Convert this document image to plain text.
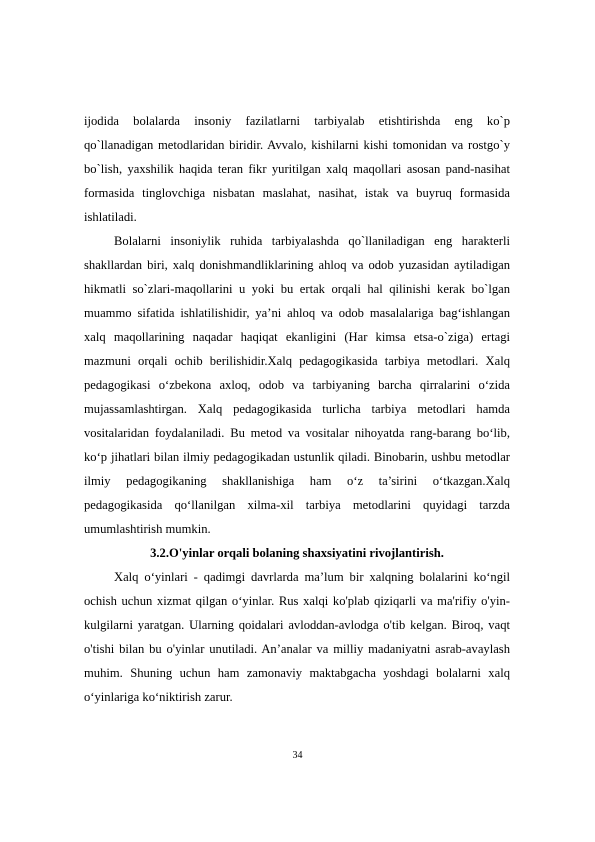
ijodida bolalarda insoniy fazilatlarni tarbiyalab etishtirishda eng ko`p
qo`llanadigan metodlaridan biridir. Avvalo, kishilarni kishi tomonidan va rostgo`y
bo`lish, yaxshilik haqida teran fikr yuritilgan xalq maqollari asosan pand-nasihat
formasida tinglovchiga nisbatan maslahat, nasihat, istak va buyruq formasida
ishlatiladi.
Bolalarni insoniylik ruhida tarbiyalashda qo`llaniladigan eng harakterli
shakllardan biri, xalq donishmandliklarining ahloq va odob yuzasidan aytiladigan
hikmatli so`zlari-maqollarini u yoki bu ertak orqali hal qilinishi kerak bo`lgan
muammo sifatida ishlatilishidir, ya’ni ahloq va odob masalalariga bag‘ishlangan
xalq maqollarining naqadar haqiqat ekanligini (Har kimsa etsa-o`ziga) ertagi
mazmuni orqali ochib berilishidir.Xalq pedagogikasida tarbiya metodlari. Xalq
pedagogikasi o‘zbekona axloq, odob va tarbiyaning barcha qirralarini o‘zida
mujassamlashtirgan. Xalq pedagogikasida turlicha tarbiya metodlari hamda
vositalaridan foydalaniladi. Bu metod va vositalar nihoyatda rang-barang bo‘lib,
ko‘p jihatlari bilan ilmiy pedagogikadan ustunlik qiladi. Binobarin, ushbu metodlar
ilmiy pedagogikaning shakllanishiga ham o‘z ta’sirini o‘tkazgan.Xalq
pedagogikasida qo‘llanilgan xilma-xil tarbiya metodlarini quyidagi tarzda
umumlashtirish mumkin.
3.2.O'yinlar orqali bolaning shaxsiyatini rivojlantirish.
Xalq o‘yinlari - qadimgi davrlarda ma’lum bir xalqning bolalarini ko‘ngil
ochish uchun xizmat qilgan o‘yinlar. Rus xalqi ko'plab qiziqarli va ma'rifiy o'yin-
kulgilarni yaratgan. Ularning qoidalari avloddan-avlodga o'tib kelgan. Biroq, vaqt
o'tishi bilan bu o'yinlar unutiladi. An’analar va milliy madaniyatni asrab-avaylash
muhim. Shuning uchun ham zamonaviy maktabgacha yoshdagi bolalarni xalq
o‘yinlariga ko‘niktirish zarur.
34
